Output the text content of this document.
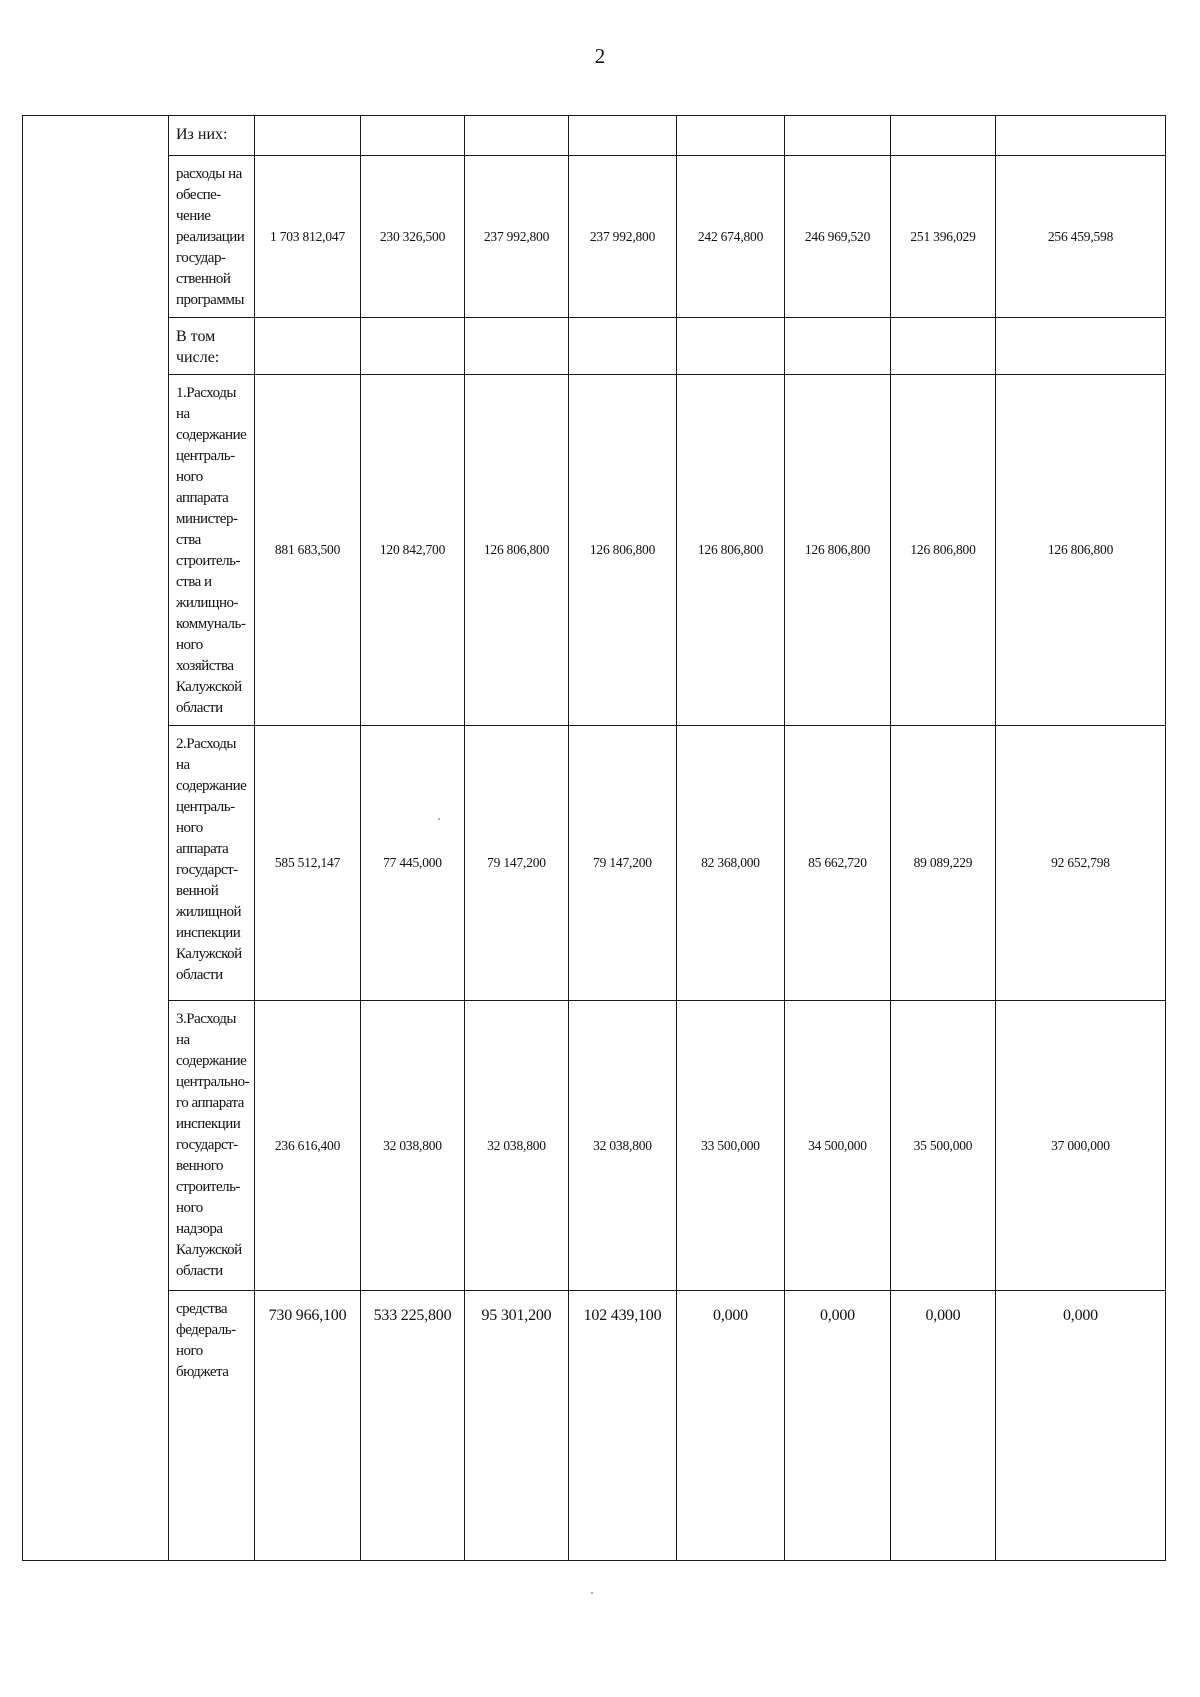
2
	Из них:								
	расходы на обеспе-чение реализации государ-ственной программы	1 703 812,047	230 326,500	237 992,800	237 992,800	242 674,800	246 969,520	251 396,029	256 459,598
	В том числе:								
	1.Расходы на содержание централь-ного аппарата министер-ства строитель-ства и жилищно-коммуналь-ного хозяйства Калужской области	881 683,500	120 842,700	126 806,800	126 806,800	126 806,800	126 806,800	126 806,800	126 806,800
	2.Расходы на содержание централь-ного аппарата государст-венной жилищной инспекции Калужской области	585 512,147	77 445,000	79 147,200	79 147,200	82 368,000	85 662,720	89 089,229	92 652,798
	3.Расходы на содержание центрально-го аппарата инспекции государст-венного строитель-ного надзора Калужской области	236 616,400	32 038,800	32 038,800	32 038,800	33 500,000	34 500,000	35 500,000	37 000,000
	средства федераль-ного бюджета	730 966,100	533 225,800	95 301,200	102 439,100	0,000	0,000	0,000	0,000
